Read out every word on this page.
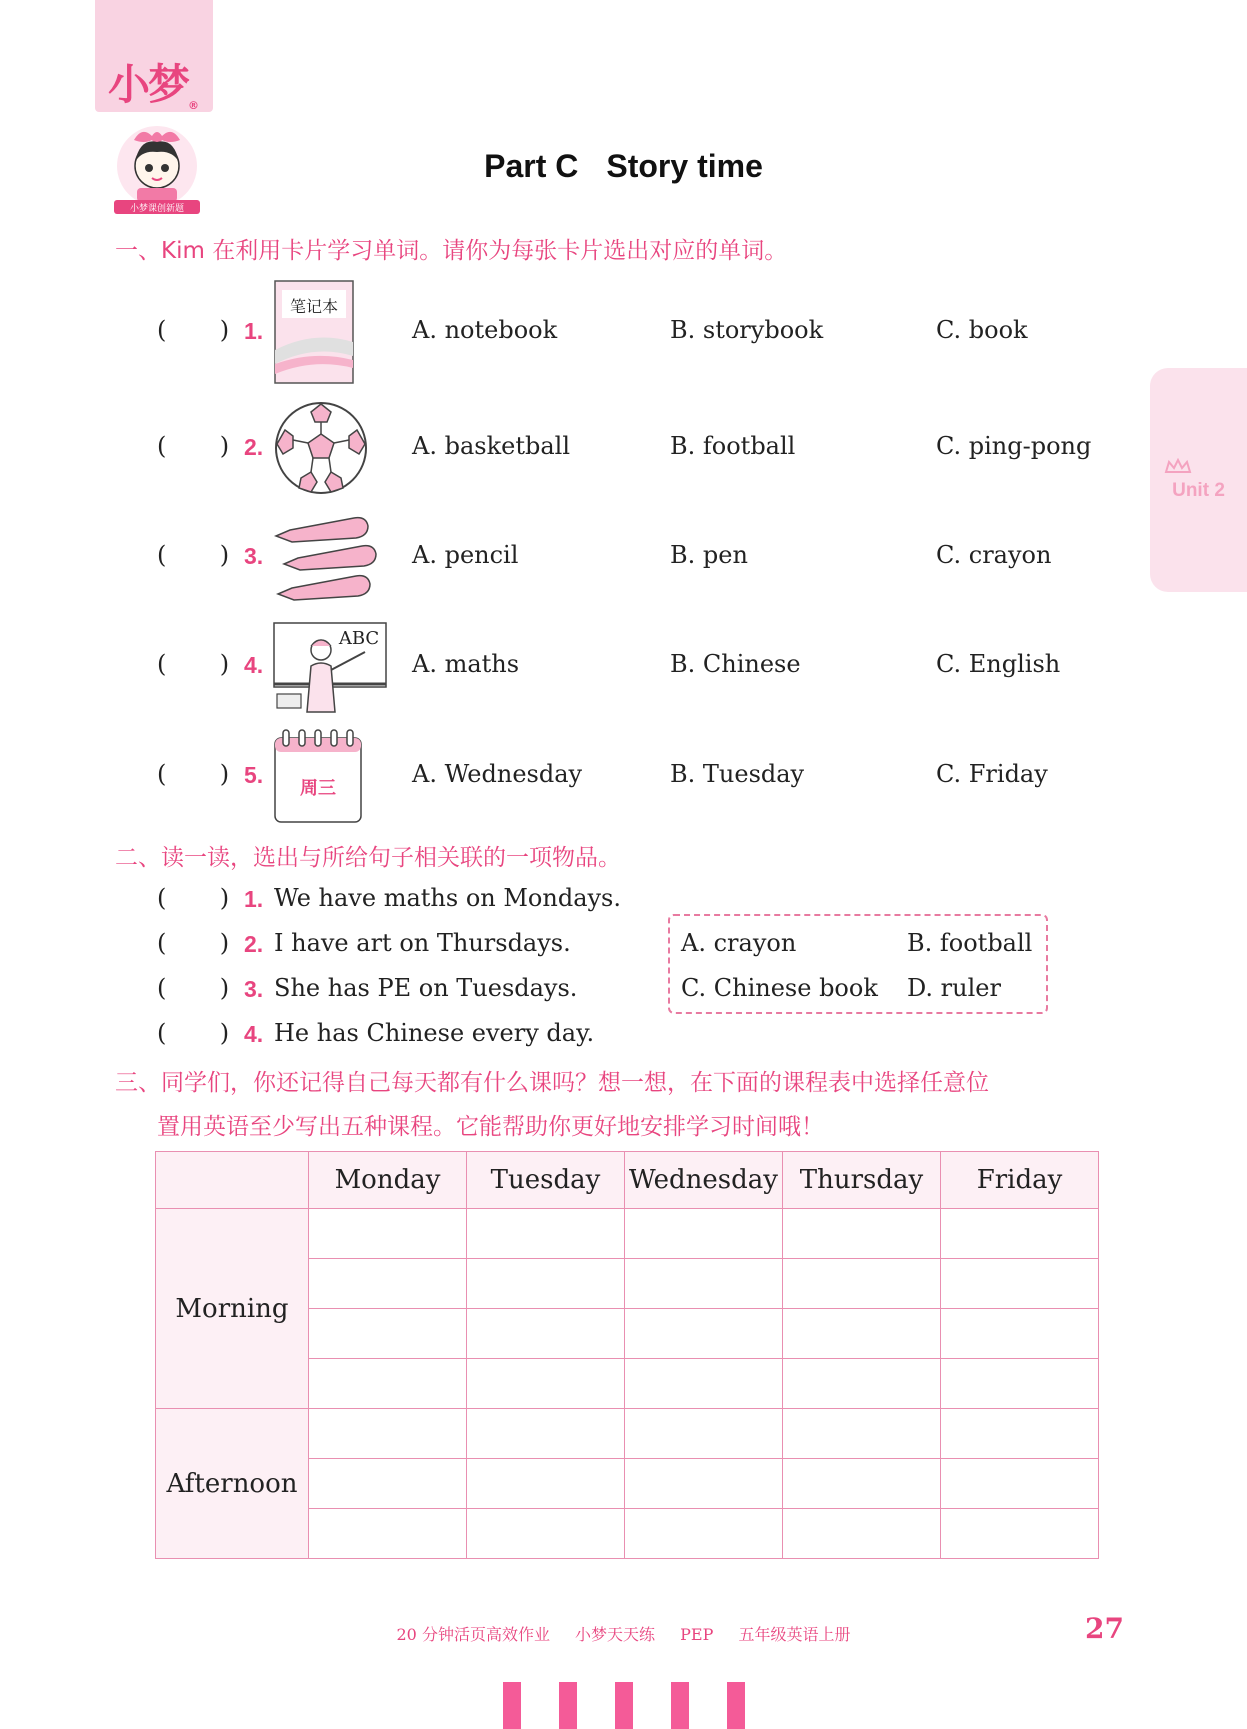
小梦®
小梦课创新题
Part C Story time
Unit 2
一、Kim 在利用卡片学习单词。请你为每张卡片选出对应的单词。
(       ) 1.
笔记本
A. notebook	B. storybook	C. book
(       ) 2.	A. basketball	B. football	C. ping-pong
(       ) 3.	A. pencil	B. pen	C. crayon
(       ) 4.
ABC
A. maths	B. Chinese	C. English
(       ) 5.
周三
A. Wednesday	B. Tuesday	C. Friday
二、读一读，选出与所给句子相关联的一项物品。
(       ) 1. We have maths on Mondays.
(       ) 2. I have art on Thursdays.
(       ) 3. She has PE on Tuesdays.
(       ) 4. He has Chinese every day.
A. crayon	B. football
C. Chinese book D. ruler
三、同学们，你还记得自己每天都有什么课吗？想一想，在下面的课程表中选择任意位
置用英语至少写出五种课程。它能帮助你更好地安排学习时间哦！
	Monday	Tuesday	Wednesday	Thursday	Friday
Morning					

Afternoon					

20 分钟活页高效作业 小梦天天练 PEP 五年级英语上册	27
